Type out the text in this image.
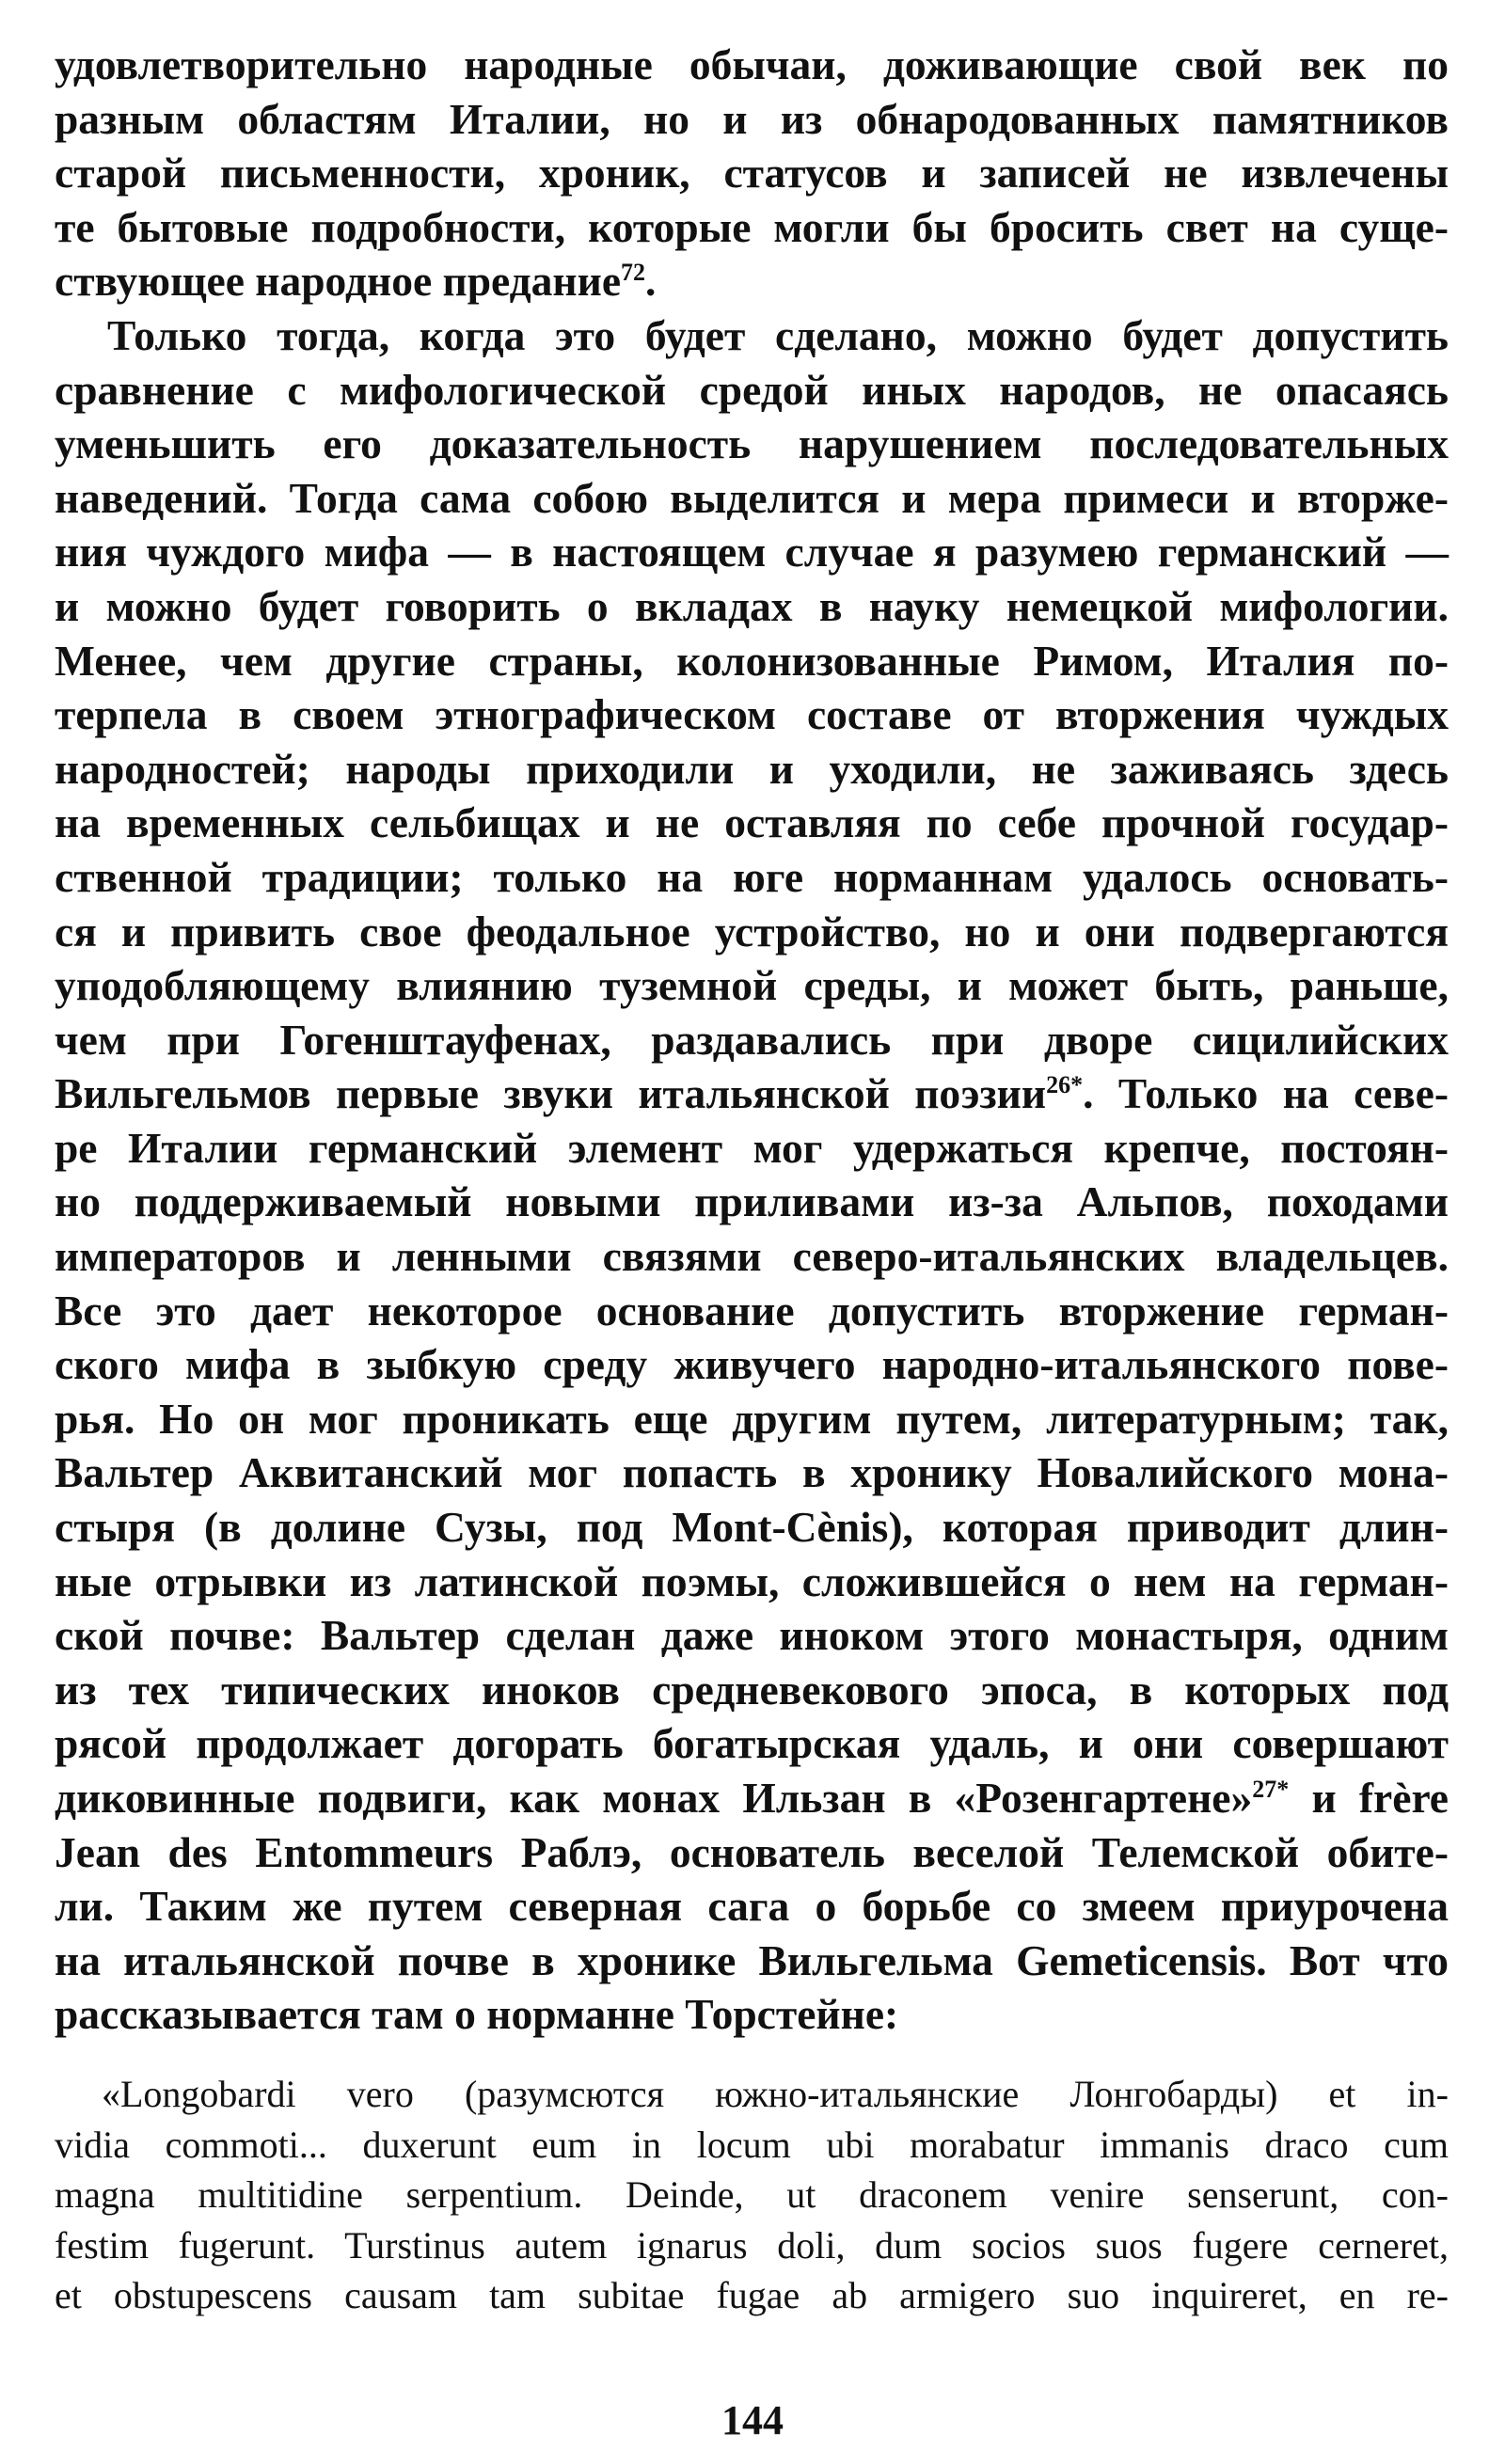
удовлетворительно народные обычаи, доживающие свой век по
разным областям Италии, но и из обнародованных памятников
старой письменности, хроник, статусов и записей не извлечены
те бытовые подробности, которые могли бы бросить свет на суще-
ствующее народное предание$^{72}$.
Только тогда, когда это будет сделано, можно будет допустить
сравнение с мифологической средой иных народов, не опасаясь
уменьшить его доказательность нарушением последовательных
наведений. Тогда сама собою выделится и мера примеси и вторже-
ния чуждого мифа — в настоящем случае я разумею германский —
и можно будет говорить о вкладах в науку немецкой мифологии.
Менее, чем другие страны, колонизованные Римом, Италия по-
терпела в своем этнографическом составе от вторжения чуждых
народностей; народы приходили и уходили, не заживаясь здесь
на временных сельбищах и не оставляя по себе прочной государ-
ственной традиции; только на юге норманнам удалось основать-
ся и привить свое феодальное устройство, но и они подвергаются
уподобляющему влиянию туземной среды, и может быть, раньше,
чем при Гогенштауфенах, раздавались при дворе сицилийских
Вильгельмов первые звуки итальянской поэзии$^{26*}$. Только на севе-
ре Италии германский элемент мог удержаться крепче, постоян-
но поддерживаемый новыми приливами из-за Альпов, походами
императоров и ленными связями северо-итальянских владельцев.
Все это дает некоторое основание допустить вторжение герман-
ского мифа в зыбкую среду живучего народно-итальянского пове-
рья. Но он мог проникать еще другим путем, литературным; так,
Вальтер Аквитанский мог попасть в хронику Новалийского мона-
стыря (в долине Сузы, под Mont-Cènis), которая приводит длин-
ные отрывки из латинской поэмы, сложившейся о нем на герман-
ской почве: Вальтер сделан даже иноком этого монастыря, одним
из тех типических иноков средневекового эпоса, в которых под
рясой продолжает догорать богатырская удаль, и они совершают
диковинные подвиги, как монах Ильзан в «Розенгартене»$^{27*}$ и frère
Jean des Entommeurs Раблэ, основатель веселой Телемской обите-
ли. Таким же путем северная сага о борьбе со змеем приурочена
на итальянской почве в хронике Вильгельма Gemeticensis. Вот что
рассказывается там о норманне Торстейне:
«Longobardi vero (разумсются южно-итальянские Лонгобарды) et in-
vidia commoti... duxerunt eum in locum ubi morabatur immanis draco cum
magna multitidine serpentium. Deinde, ut draconem venire senserunt, con-
festim fugerunt. Turstinus autem ignarus doli, dum socios suos fugere cerneret,
et obstupescens causam tam subitae fugae ab armigero suo inquireret, en re-
144
